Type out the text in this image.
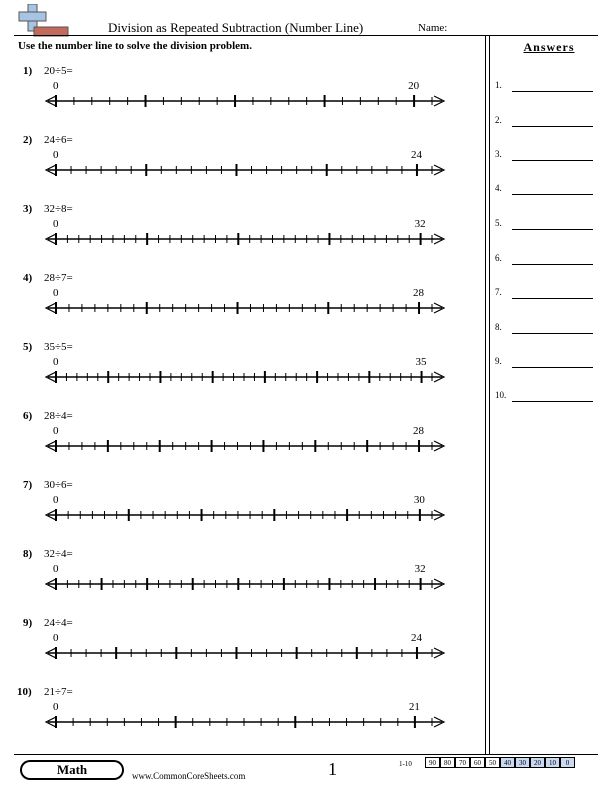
Division as Repeated Subtraction (Number Line)	Name:
Use the number line to solve the division problem.	Answers
1.
2.
3.
4.
5.
6.
7.
8.
9.
10.
1) 20÷5=
0	20
2) 24÷6=
0	24
3) 32÷8=
0	32
4) 28÷7=
0	28
5) 35÷5=
0	35
6) 28÷4=
0	28
7) 30÷6=
0	30
8) 32÷4=
0	32
9) 24÷4=
0	24
10) 21÷7=
0	21
Math	www.CommonCoreSheets.com	1	1-10	90	80	70	60	50	40	30	20	10	0
